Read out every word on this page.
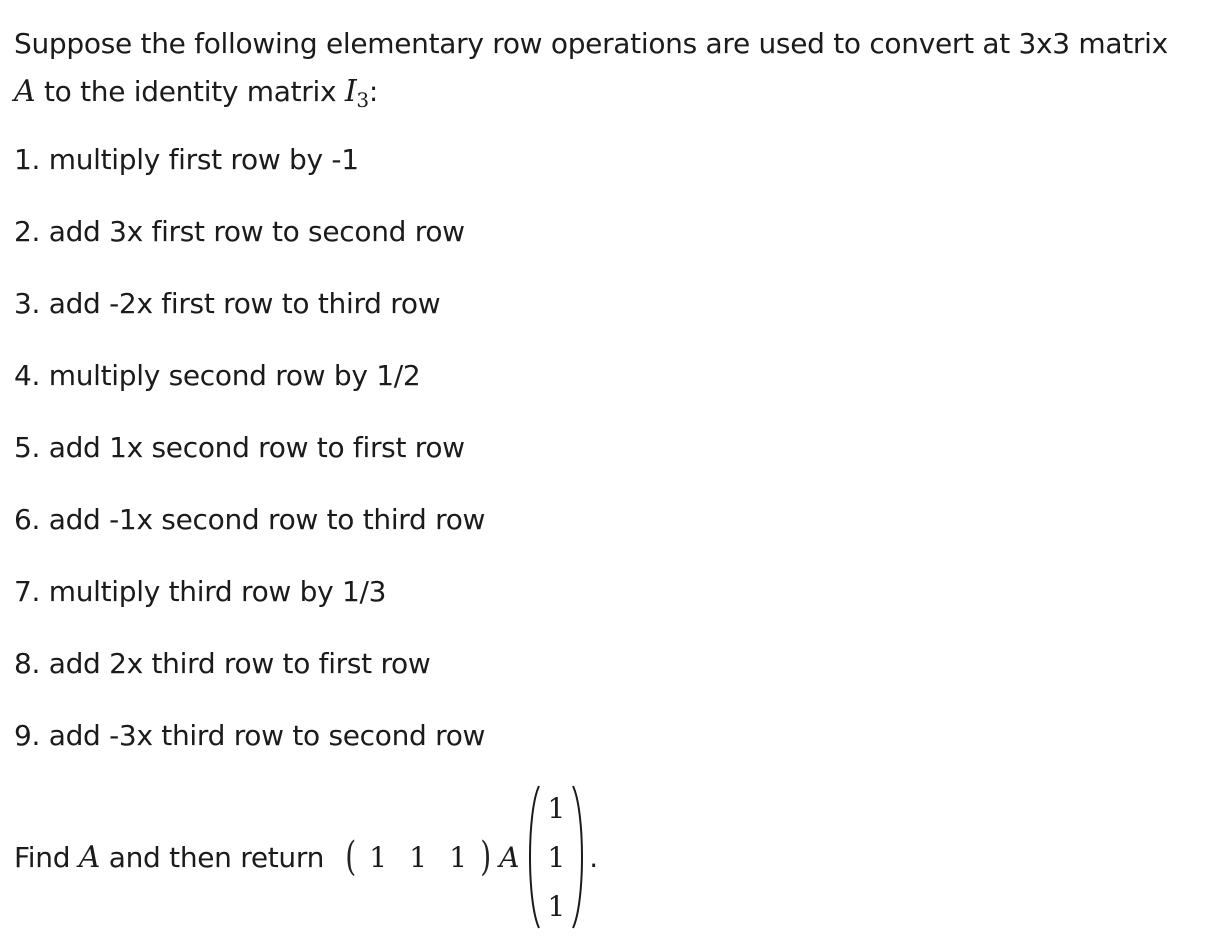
Suppose the following elementary row operations are used to convert at 3x3 matrix
A to the identity matrix $I_3$:
1. multiply first row by -1
2. add 3x first row to second row
3. add -2x first row to third row
4. multiply second row by 1/2
5. add 1x second row to first row
6. add -1x second row to third row
7. multiply third row by 1/3
8. add 2x third row to first row
9. add -3x third row to second row
Find A and then return ( 1 1 1 ) A
1
1
1
.
